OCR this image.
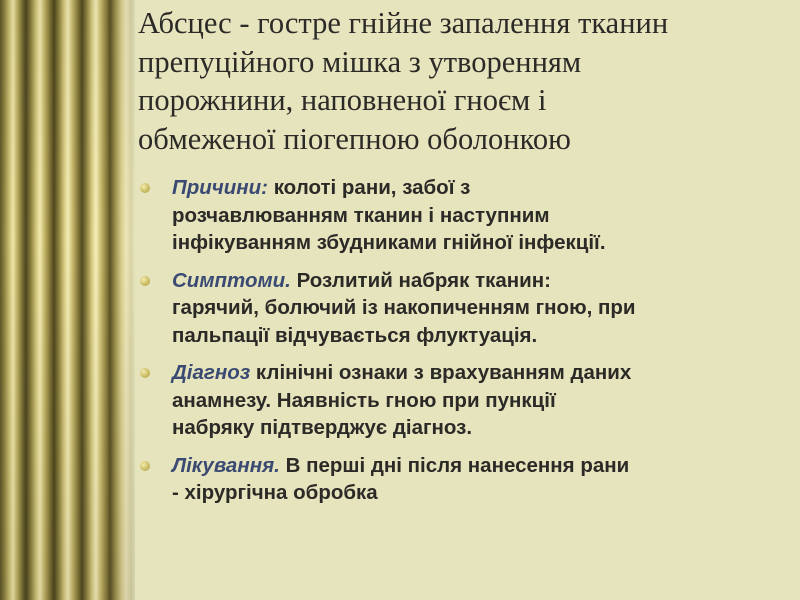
Абсцес - гостре гнійне запалення тканин
препуційного мішка з утворенням
порожнини, наповненої гноєм і
обмеженої піогепною оболонкою
Причини: колоті рани, забої з
розчавлюванням тканин і наступним
інфікуванням збудниками гнійної інфекції.
Симптоми. Розлитий набряк тканин:
гарячий, болючий із накопиченням гною, при
пальпації відчувається флуктуація.
Діагноз клінічні ознаки з врахуванням даних
анамнезу. Наявність гною при пункції
набряку підтверджує діагноз.
Лікування. В перші дні після нанесення рани
- хірургічна обробка
